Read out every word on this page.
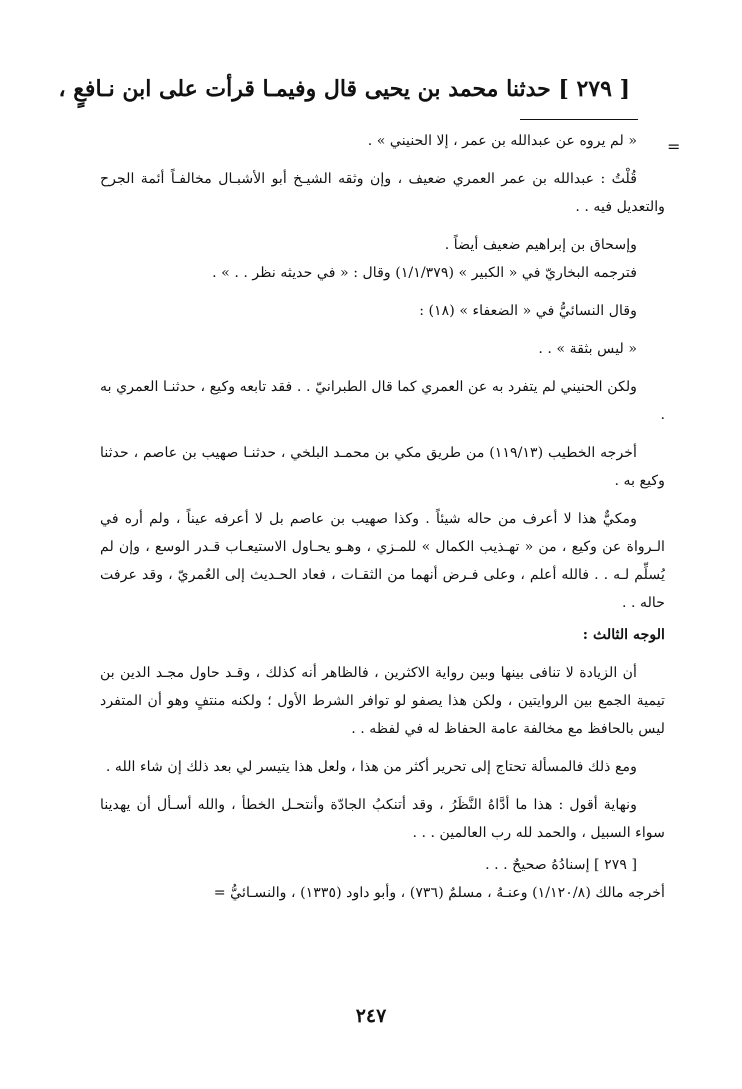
[ ٢٧٩ ] حدثنا محمد بن يحيى قال وفيمـا قرأت على ابن نـافعٍ ،
=

« لم يروه عن عبدالله بن عمر ، إلا الحنيني » .

قُلْتُ : عبدالله بن عمر العمري ضعيف ، وإن وثقه الشيـخ أبو الأشبـال مخالفـاً أئمة الجرح والتعديل فيه . .

وإسحاق بن إبراهيم ضعيف أيضاً .

فترجمه البخاريّ في « الكبير » (١/١/٣٧٩) وقال : « في حديثه نظر . . » .

وقال النسائيُّ في « الضعفاء » (١٨) :

« ليس بثقة » . .

ولكن الحنيني لم يتفرد به عن العمري كما قال الطبرانيّ . . فقد تابعه وكيع ، حدثنـا العمري به .

أخرجه الخطيب (١١٩/١٣) من طريق مكي بن محمـد البلخي ، حدثنـا صهيب بن عاصم ، حدثنا وكيع به .

ومكيٌّ هذا لا أعرف من حاله شيئاً . وكذا صهيب بن عاصم بل لا أعرفه عيناً ، ولم أره في الـرواة عن وكيع ، من « تهـذيب الكمال » للمـزي ، وهـو يحـاول الاستيعـاب قـدر الوسع ، وإن لم يُسلِّم لـه . . فالله أعلم ، وعلى فـرض أنهما من الثقـات ، فعاد الحـديث إلى العُمريّ ، وقد عرفت حاله . .

الوجه الثالث :

أن الزيادة لا تنافى بينها وبين رواية الاكثرين ، فالظاهر أنه كذلك ، وقـد حاول مجـد الدين بن تيمية الجمع بين الروايتين ، ولكن هذا يصفو لو توافر الشرط الأول ؛ ولكنه منتفٍ وهو أن المتفرد ليس بالحافظ مع مخالفة عامة الحفاظ له في لفظه . .

ومع ذلك فالمسألة تحتاج إلى تحرير أكثر من هذا ، ولعل هذا يتيسر لي بعد ذلك إن شاء الله .

ونهاية أقول : هذا ما أدَّاهُ النَّظَرُ ، وقد أتنكبُ الجادّة وأنتحـل الخطأ ، والله أسـأل أن يهدينا سواء السبيل ، والحمد لله رب العالمين . . .

[ ٢٧٩ ] إسنادُهُ صحيحٌ . . .

أخرجه مالك (١/١٢٠/٨) وعنـهُ ، مسلمٌ (٧٣٦) ، وأبو داود (١٣٣٥) ، والنسـائيُّ =

٢٤٧
